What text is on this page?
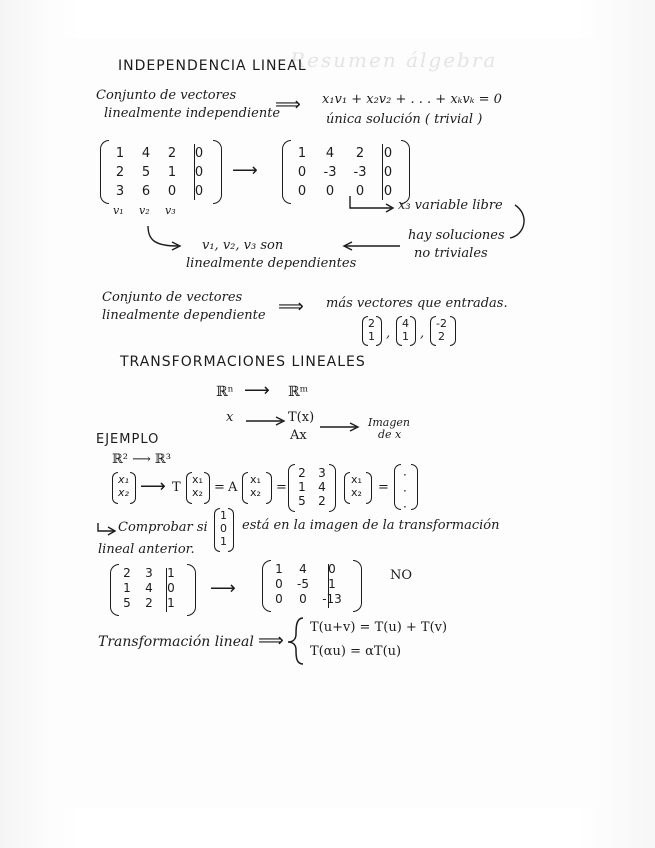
Resumen álgebra
INDEPENDENCIA LINEAL
Conjunto de vectores
linealmente independiente
⟹ x₁v₁ + x₂v₂ + . . . + xₖvₖ = 0
única solución ( trivial )
1 4 2 0
2 5 1 0
3 6 0 0
v₁ v₂ v₃
⟶
1 4 2 0
0 -3 -3 0
0 0 0 0
x₃ variable libre
hay soluciones
no triviales
v₁, v₂, v₃ son
linealmente dependientes
Conjunto de vectores
linealmente dependiente ⟹ más vectores que entradas.
2
1 ,
4
1 ,
-2
2
TRANSFORMACIONES LINEALES
ℝⁿ ⟶ ℝᵐ
x	T(x)
Ax
Imagen
de x
EJEMPLO
ℝ² ⟶ ℝ³
x₁
x₂ ⟶ T
x₁
x₂ = A
x₁
x₂ =
2 3
1 4
5 2
x₁
x₂ =
·
·
·
Comprobar si
1
0
1
está en la imagen de la transformación
lineal anterior.
2 3 1
1 4 0
5 2 1
⟶
1 4	0
0 -5	1
0 0 -13
NO
Transformación lineal ⟹
T(u+v) = T(u) + T(v)
T(αu) = αT(u)
